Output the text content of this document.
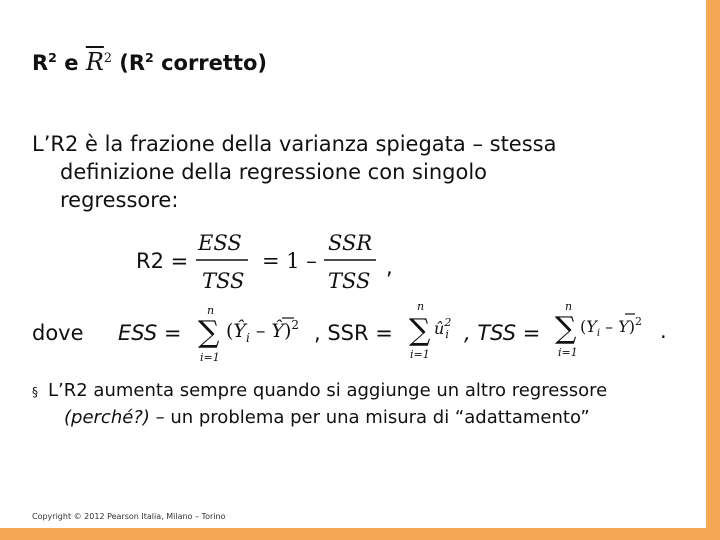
$R^2$ e $\overline{R}^2$ ($R^2$ corretto)
L’R2 è la frazione della varianza spiegata – stessa
definizione della regressione con singolo
regressore:
R2 =
ESS
TSS
= 1 –
SSR
TSS
,
dove ESS =
n
∑
i=1
($Ŷ_i$ – Ŷ)$^2$ , SSR =
n
∑
i=1
$û^2$ i , TSS =
n
∑
i=1
$(Y_i - Y)^2$ .
§ L’R2 aumenta sempre quando si aggiunge un altro regressore
(perché?) – un problema per una misura di “adattamento”
Copyright © 2012 Pearson Italia, Milano – Torino
6-10
